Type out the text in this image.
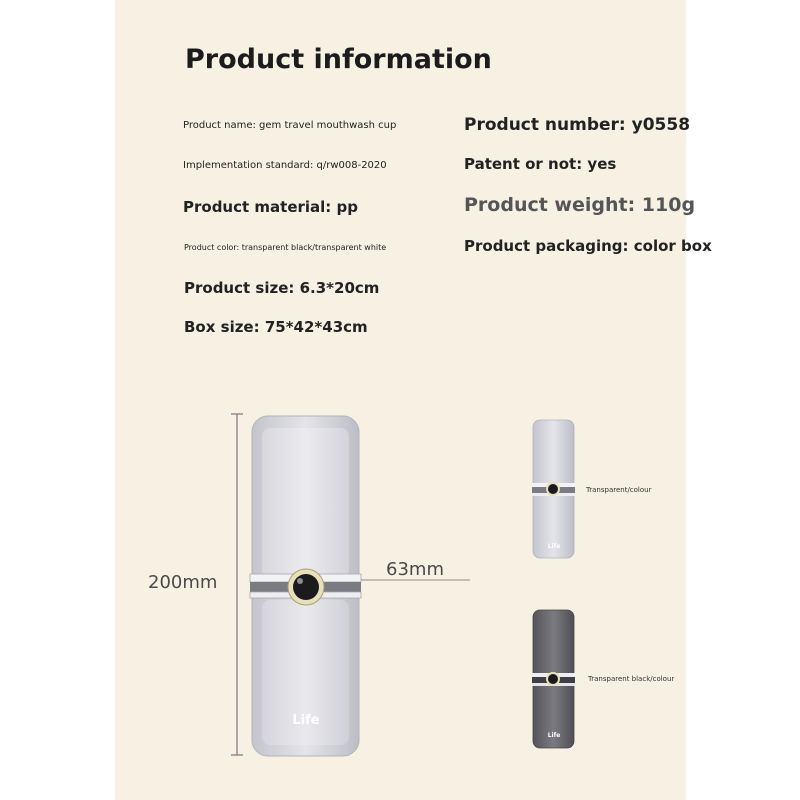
Product information
Product name: gem travel mouthwash cup
Implementation standard: q/rw008-2020
Product material: pp
Product color: transparent black/transparent white
Product size: 6.3*20cm
Box size: 75*42*43cm
Product number: y0558
Patent or not: yes
Product weight: 110g
Product packaging: color box
Life
Life
Life
200mm
63mm
Transparent/colour
Transparent black/colour
